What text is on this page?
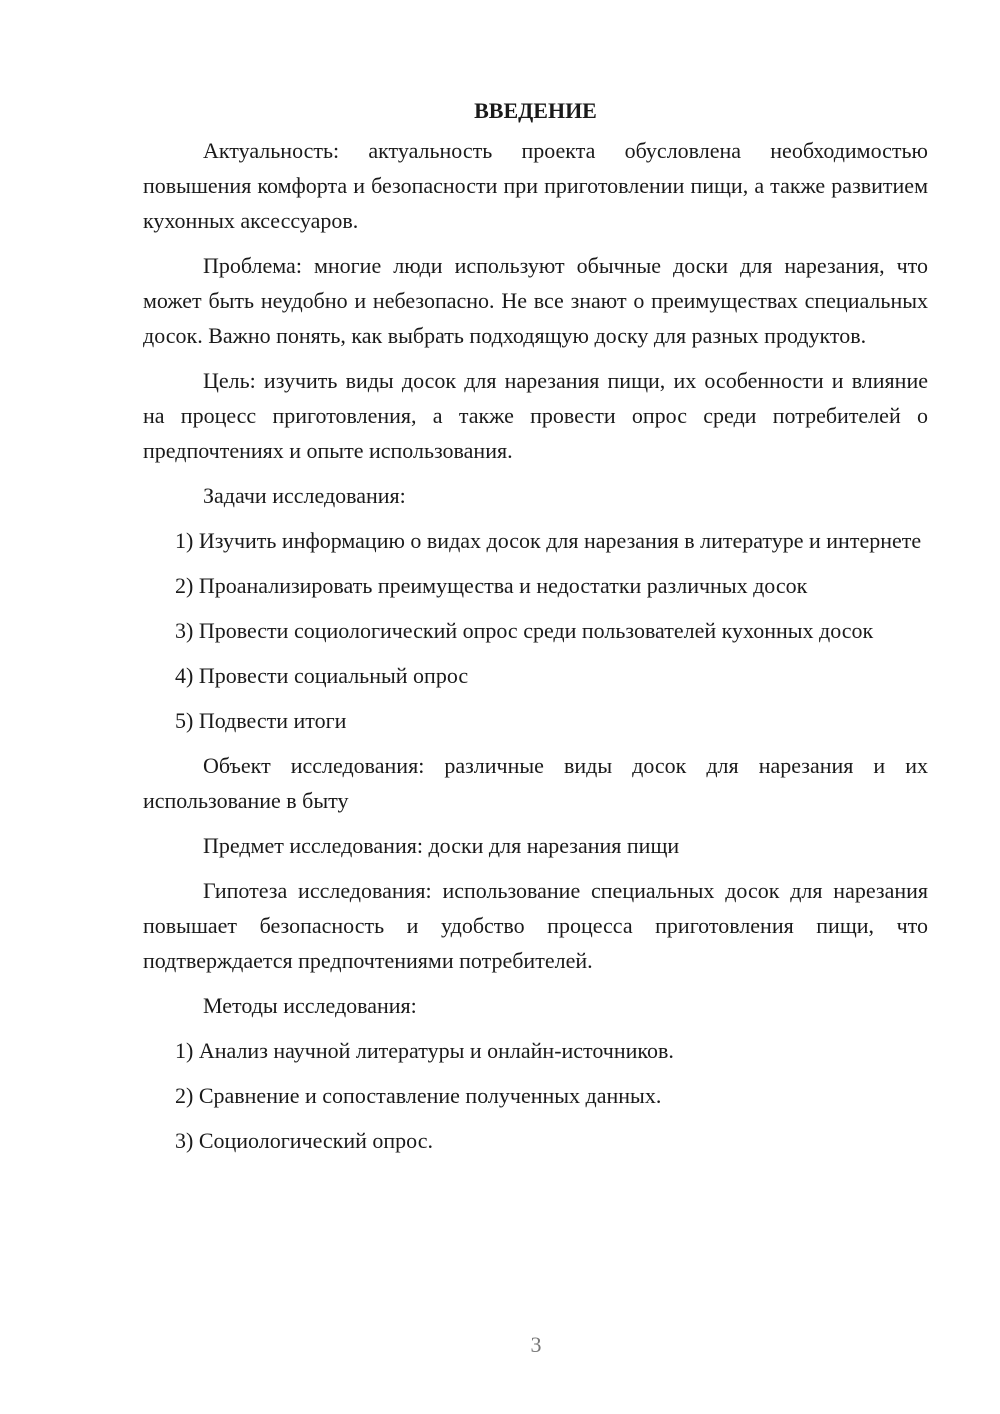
ВВЕДЕНИЕ

Актуальность: актуальность проекта обусловлена необходимостью повышения комфорта и безопасности при приготовлении пищи, а также развитием кухонных аксессуаров.

Проблема: многие люди используют обычные доски для нарезания, что может быть неудобно и небезопасно. Не все знают о преимуществах специальных досок. Важно понять, как выбрать подходящую доску для разных продуктов.

Цель: изучить виды досок для нарезания пищи, их особенности и влияние на процесс приготовления, а также провести опрос среди потребителей о предпочтениях и опыте использования.

Задачи исследования:

1) Изучить информацию о видах досок для нарезания в литературе и интернете

2) Проанализировать преимущества и недостатки различных досок

3) Провести социологический опрос среди пользователей кухонных досок

4) Провести социальный опрос

5) Подвести итоги

Объект исследования: различные виды досок для нарезания и их использование в быту

Предмет исследования: доски для нарезания пищи

Гипотеза исследования: использование специальных досок для нарезания повышает безопасность и удобство процесса приготовления пищи, что подтверждается предпочтениями потребителей.

Методы исследования:

1) Анализ научной литературы и онлайн-источников.

2) Сравнение и сопоставление полученных данных.

3) Социологический опрос.

3
